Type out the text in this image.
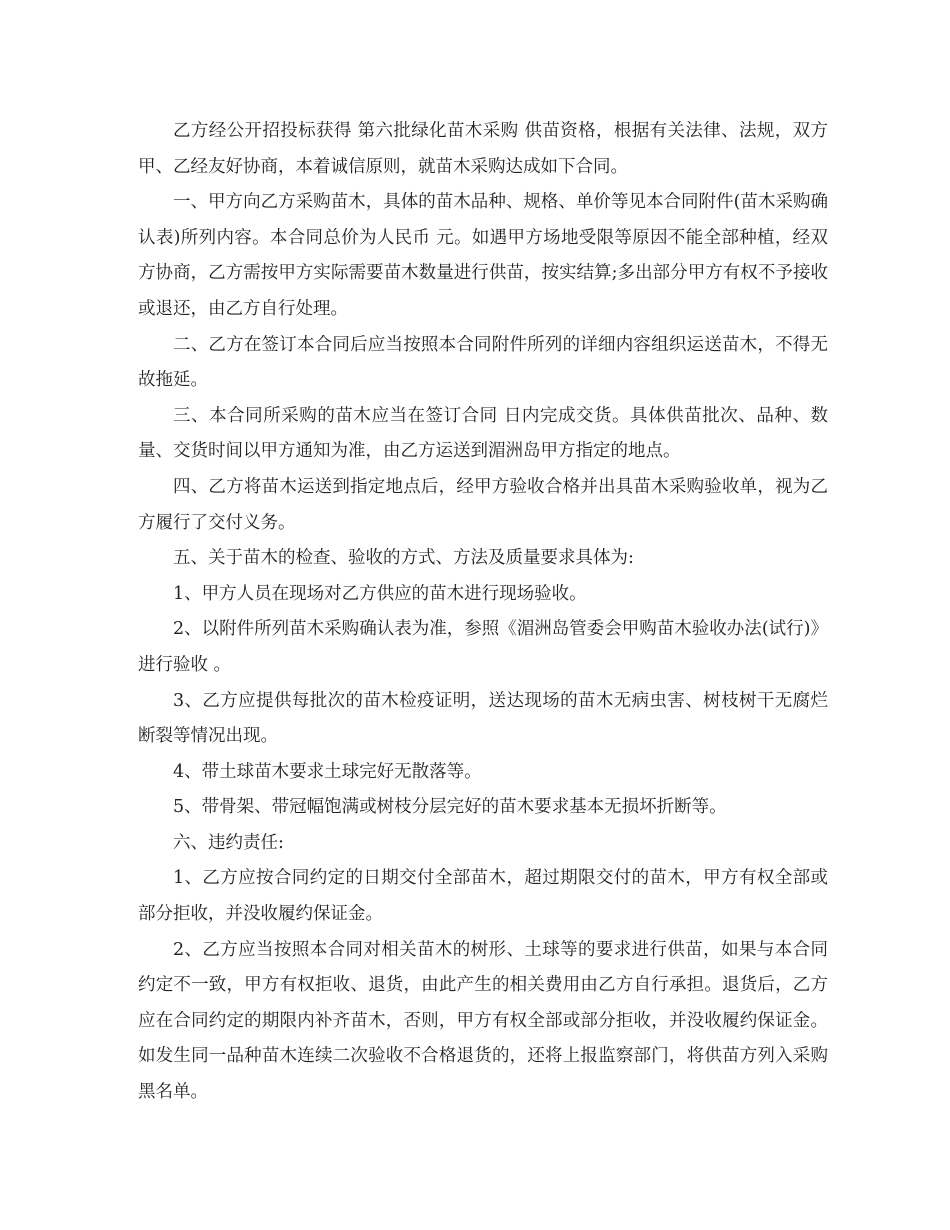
乙方经公开招投标获得 第六批绿化苗木采购 供苗资格，根据有关法律、法规，双方甲、乙经友好协商，本着诚信原则，就苗木采购达成如下合同。

一、甲方向乙方采购苗木，具体的苗木品种、规格、单价等见本合同附件(苗木采购确认表)所列内容。本合同总价为人民币 元。如遇甲方场地受限等原因不能全部种植，经双方协商，乙方需按甲方实际需要苗木数量进行供苗，按实结算;多出部分甲方有权不予接收或退还，由乙方自行处理。

二、乙方在签订本合同后应当按照本合同附件所列的详细内容组织运送苗木，不得无故拖延。

三、本合同所采购的苗木应当在签订合同 日内完成交货。具体供苗批次、品种、数量、交货时间以甲方通知为准，由乙方运送到湄洲岛甲方指定的地点。

四、乙方将苗木运送到指定地点后，经甲方验收合格并出具苗木采购验收单，视为乙方履行了交付义务。

五、关于苗木的检查、验收的方式、方法及质量要求具体为:

1、甲方人员在现场对乙方供应的苗木进行现场验收。

2、以附件所列苗木采购确认表为准，参照《湄洲岛管委会甲购苗木验收办法(试行)》进行验收 。

3、乙方应提供每批次的苗木检疫证明，送达现场的苗木无病虫害、树枝树干无腐烂断裂等情况出现。

4、带土球苗木要求土球完好无散落等。

5、带骨架、带冠幅饱满或树枝分层完好的苗木要求基本无损坏折断等。

六、违约责任:

1、乙方应按合同约定的日期交付全部苗木，超过期限交付的苗木，甲方有权全部或部分拒收，并没收履约保证金。

2、乙方应当按照本合同对相关苗木的树形、土球等的要求进行供苗，如果与本合同约定不一致，甲方有权拒收、退货，由此产生的相关费用由乙方自行承担。退货后，乙方应在合同约定的期限内补齐苗木，否则，甲方有权全部或部分拒收，并没收履约保证金。如发生同一品种苗木连续二次验收不合格退货的，还将上报监察部门，将供苗方列入采购黑名单。
